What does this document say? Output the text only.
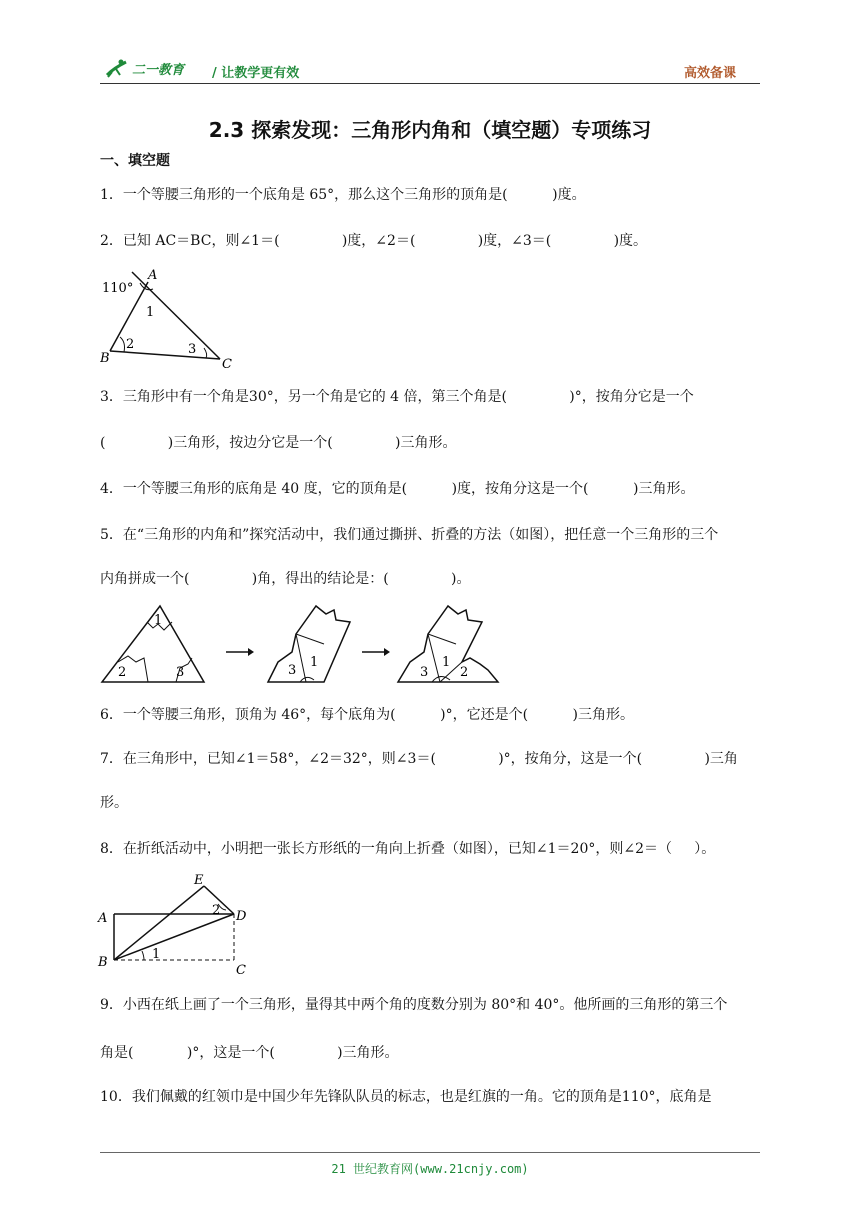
二一教育 / 让教学更有效	高效备课
2.3 探索发现：三角形内角和（填空题）专项练习
一、填空题
1．一个等腰三角形的一个底角是 65°，那么这个三角形的顶角是(          )度。
2．已知 AC＝BC，则∠1＝(              )度，∠2＝(              )度，∠3＝(              )度。
110°
A
B	C
1
2	3
3．三角形中有一个角是30°，另一个角是它的 4 倍，第三个角是(              )°，按角分它是一个
(              )三角形，按边分它是一个(              )三角形。
4．一个等腰三角形的底角是 40 度，它的顶角是(          )度，按角分这是一个(          )三角形。
5．在“三角形的内角和”探究活动中，我们通过撕拼、折叠的方法（如图），把任意一个三角形的三个
内角拼成一个(              )角，得出的结论是：(              )。
1
2	3	3
1
3
1
2
6．一个等腰三角形，顶角为 46°，每个底角为(          )°，它还是个(          )三角形。
7．在三角形中，已知∠1＝58°，∠2＝32°，则∠3＝(              )°，按角分，这是一个(              )三角
形。
8．在折纸活动中，小明把一张长方形纸的一角向上折叠（如图），已知∠1＝20°，则∠2＝（     ）。
E
A	D
B
C
2
1
9．小西在纸上画了一个三角形，量得其中两个角的度数分别为 80°和 40°。他所画的三角形的第三个
角是(            )°，这是一个(              )三角形。
10．我们佩戴的红领巾是中国少年先锋队队员的标志，也是红旗的一角。它的顶角是110°，底角是
21 世纪教育网(www.21cnjy.com)
